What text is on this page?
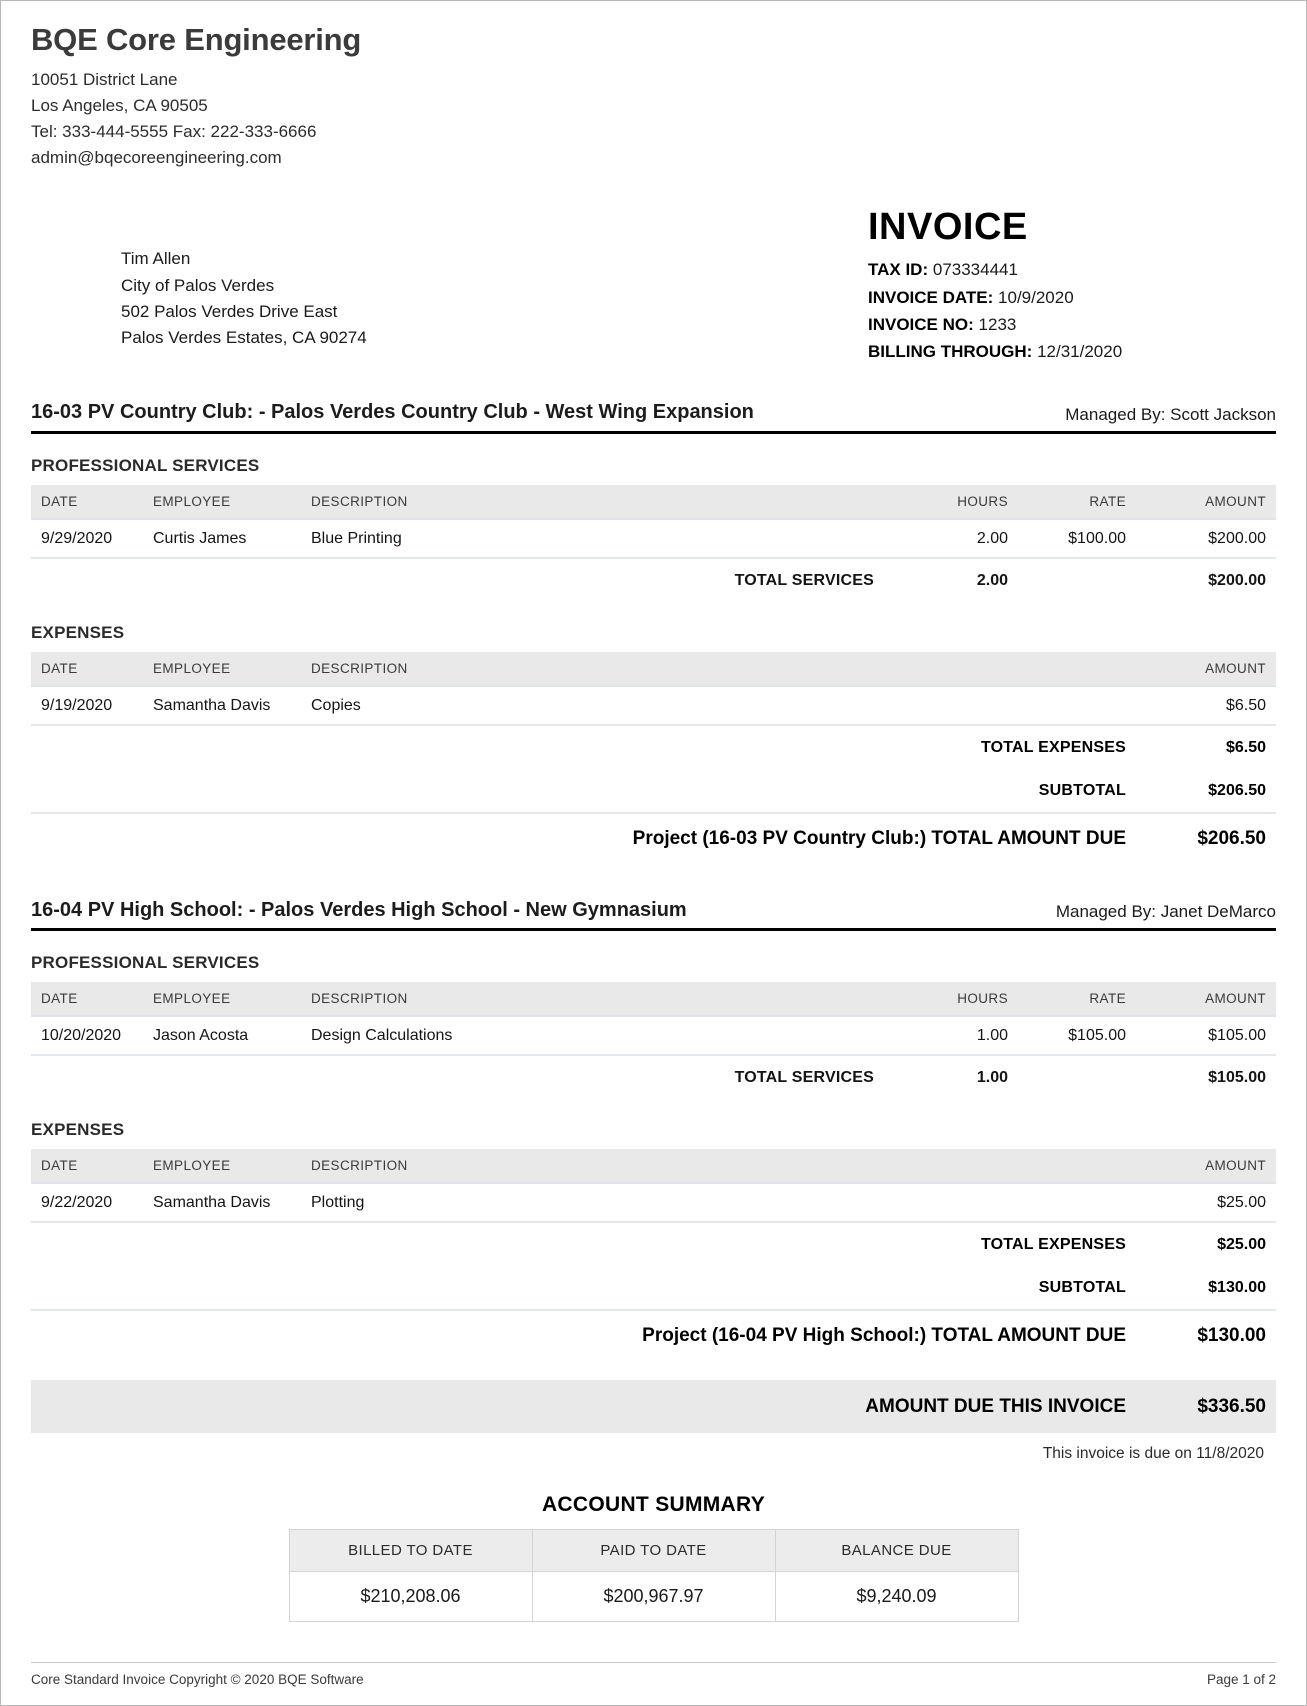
BQE Core Engineering
10051 District Lane
Los Angeles, CA 90505
Tel: 333-444-5555 Fax: 222-333-6666
admin@bqecoreengineering.com
Tim Allen
City of Palos Verdes
502 Palos Verdes Drive East
Palos Verdes Estates, CA 90274
INVOICE
TAX ID: 073334441
INVOICE DATE: 10/9/2020
INVOICE NO: 1233
BILLING THROUGH: 12/31/2020
16-03 PV Country Club: - Palos Verdes Country Club - West Wing Expansion	Managed By: Scott Jackson
PROFESSIONAL SERVICES
DATE	EMPLOYEE	DESCRIPTION	HOURS	RATE	AMOUNT
9/29/2020	Curtis James	Blue Printing	2.00	$100.00	$200.00
TOTAL SERVICES			2.00		$200.00
EXPENSES
DATE	EMPLOYEE	DESCRIPTION	AMOUNT
9/19/2020	Samantha Davis	Copies	$6.50
TOTAL EXPENSES	$6.50
SUBTOTAL	$206.50
Project (16-03 PV Country Club:) TOTAL AMOUNT DUE	$206.50
16-04 PV High School: - Palos Verdes High School - New Gymnasium	Managed By: Janet DeMarco
PROFESSIONAL SERVICES
DATE	EMPLOYEE	DESCRIPTION	HOURS	RATE	AMOUNT
10/20/2020	Jason Acosta	Design Calculations	1.00	$105.00	$105.00
TOTAL SERVICES			1.00		$105.00
EXPENSES
DATE	EMPLOYEE	DESCRIPTION	AMOUNT
9/22/2020	Samantha Davis	Plotting	$25.00
TOTAL EXPENSES	$25.00
SUBTOTAL	$130.00
Project (16-04 PV High School:) TOTAL AMOUNT DUE	$130.00
AMOUNT DUE THIS INVOICE	$336.50
This invoice is due on 11/8/2020
ACCOUNT SUMMARY
BILLED TO DATE	PAID TO DATE	BALANCE DUE
$210,208.06	$200,967.97	$9,240.09
Core Standard Invoice Copyright © 2020 BQE Software	Page 1 of 2
